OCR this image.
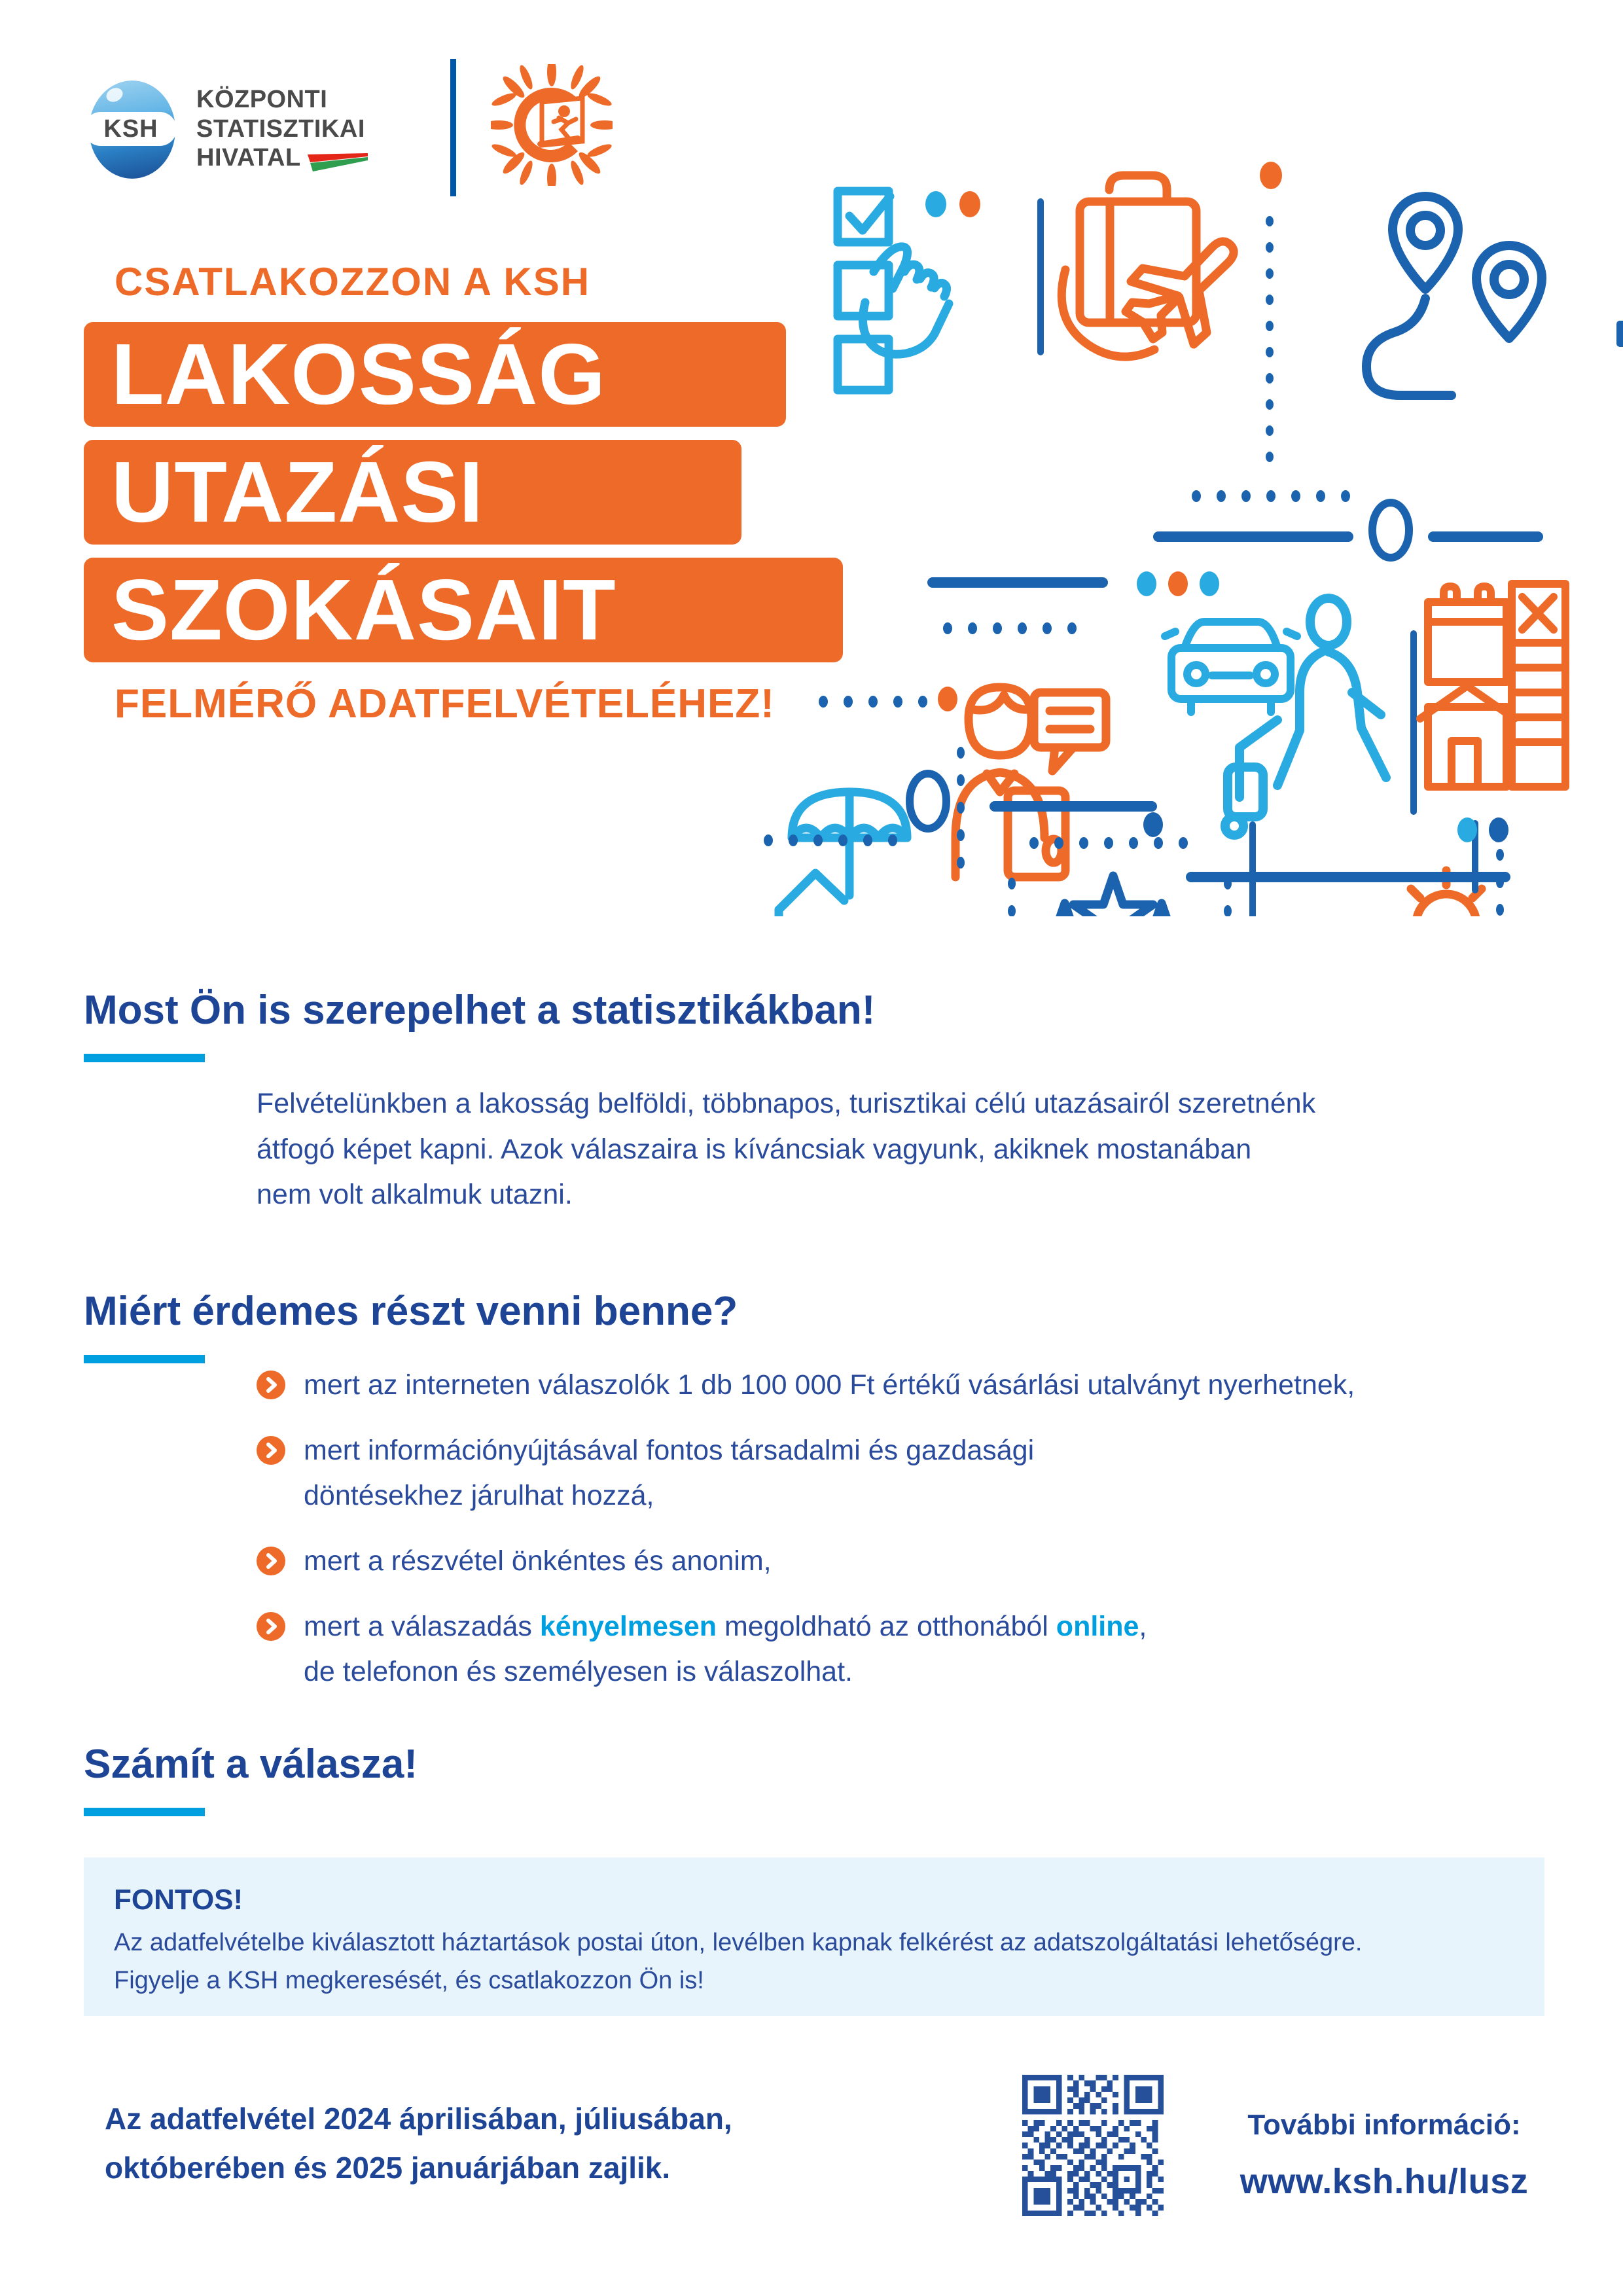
KSH
KÖZPONTI
STATISZTIKAI
HIVATAL
CSATLAKOZZON A KSH
LAKOSSÁG
UTAZÁSI
SZOKÁSAIT
FELMÉRŐ ADATFELVÉTELÉHEZ!
Most Ön is szerepelhet a statisztikákban!
Felvételünkben a lakosság belföldi, többnapos, turisztikai célú utazásairól szeretnénk
átfogó képet kapni. Azok válaszaira is kíváncsiak vagyunk, akiknek mostanában
nem volt alkalmuk utazni.
Miért érdemes részt venni benne?
mert az interneten válaszolók 1 db 100 000 Ft értékű vásárlási utalványt nyerhetnek,
mert információnyújtásával fontos társadalmi és gazdasági
döntésekhez járulhat hozzá,
mert a részvétel önkéntes és anonim,
mert a válaszadás kényelmesen megoldható az otthonából online,
de telefonon és személyesen is válaszolhat.
Számít a válasza!
FONTOS!
Az adatfelvételbe kiválasztott háztartások postai úton, levélben kapnak felkérést az adatszolgáltatási lehetőségre.
Figyelje a KSH megkeresését, és csatlakozzon Ön is!
Az adatfelvétel 2024 áprilisában, júliusában,
októberében és 2025 januárjában zajlik.
További információ:
www.ksh.hu/lusz
